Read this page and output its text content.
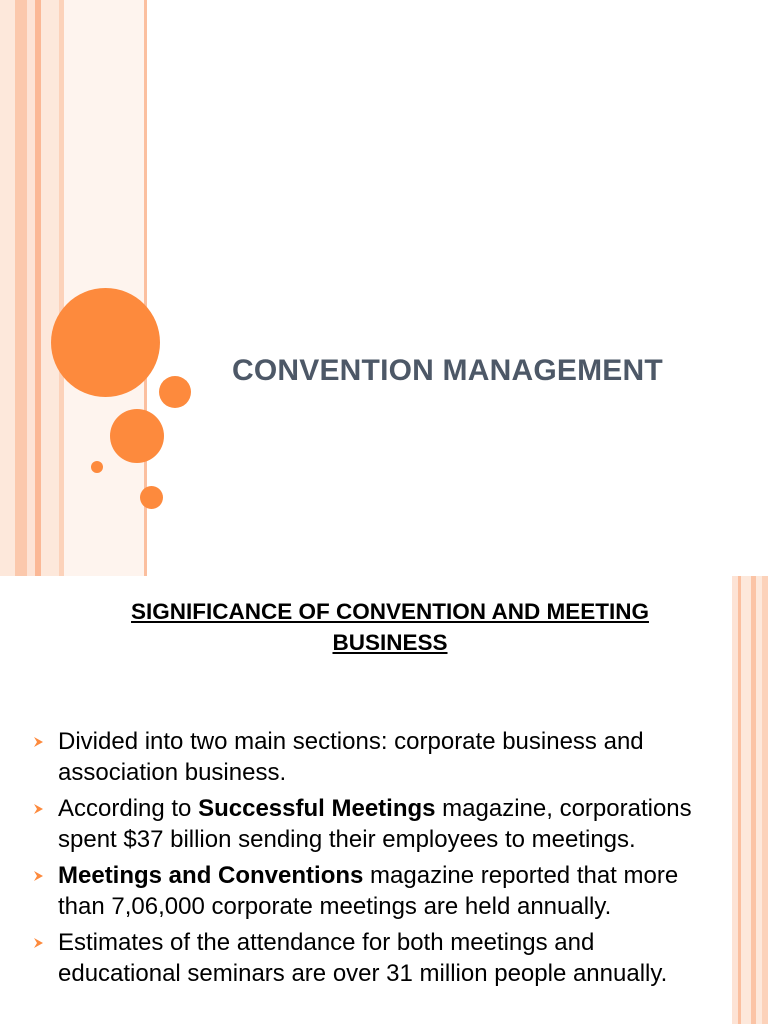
CONVENTION MANAGEMENT
SIGNIFICANCE OF CONVENTION AND MEETING
BUSINESS
Divided into two main sections: corporate business and
association business.
According to Successful Meetings magazine, corporations
spent $37 billion sending their employees to meetings.
Meetings and Conventions magazine reported that more
than 7,06,000 corporate meetings are held annually.
Estimates of the attendance for both meetings and
educational seminars are over 31 million people annually.
